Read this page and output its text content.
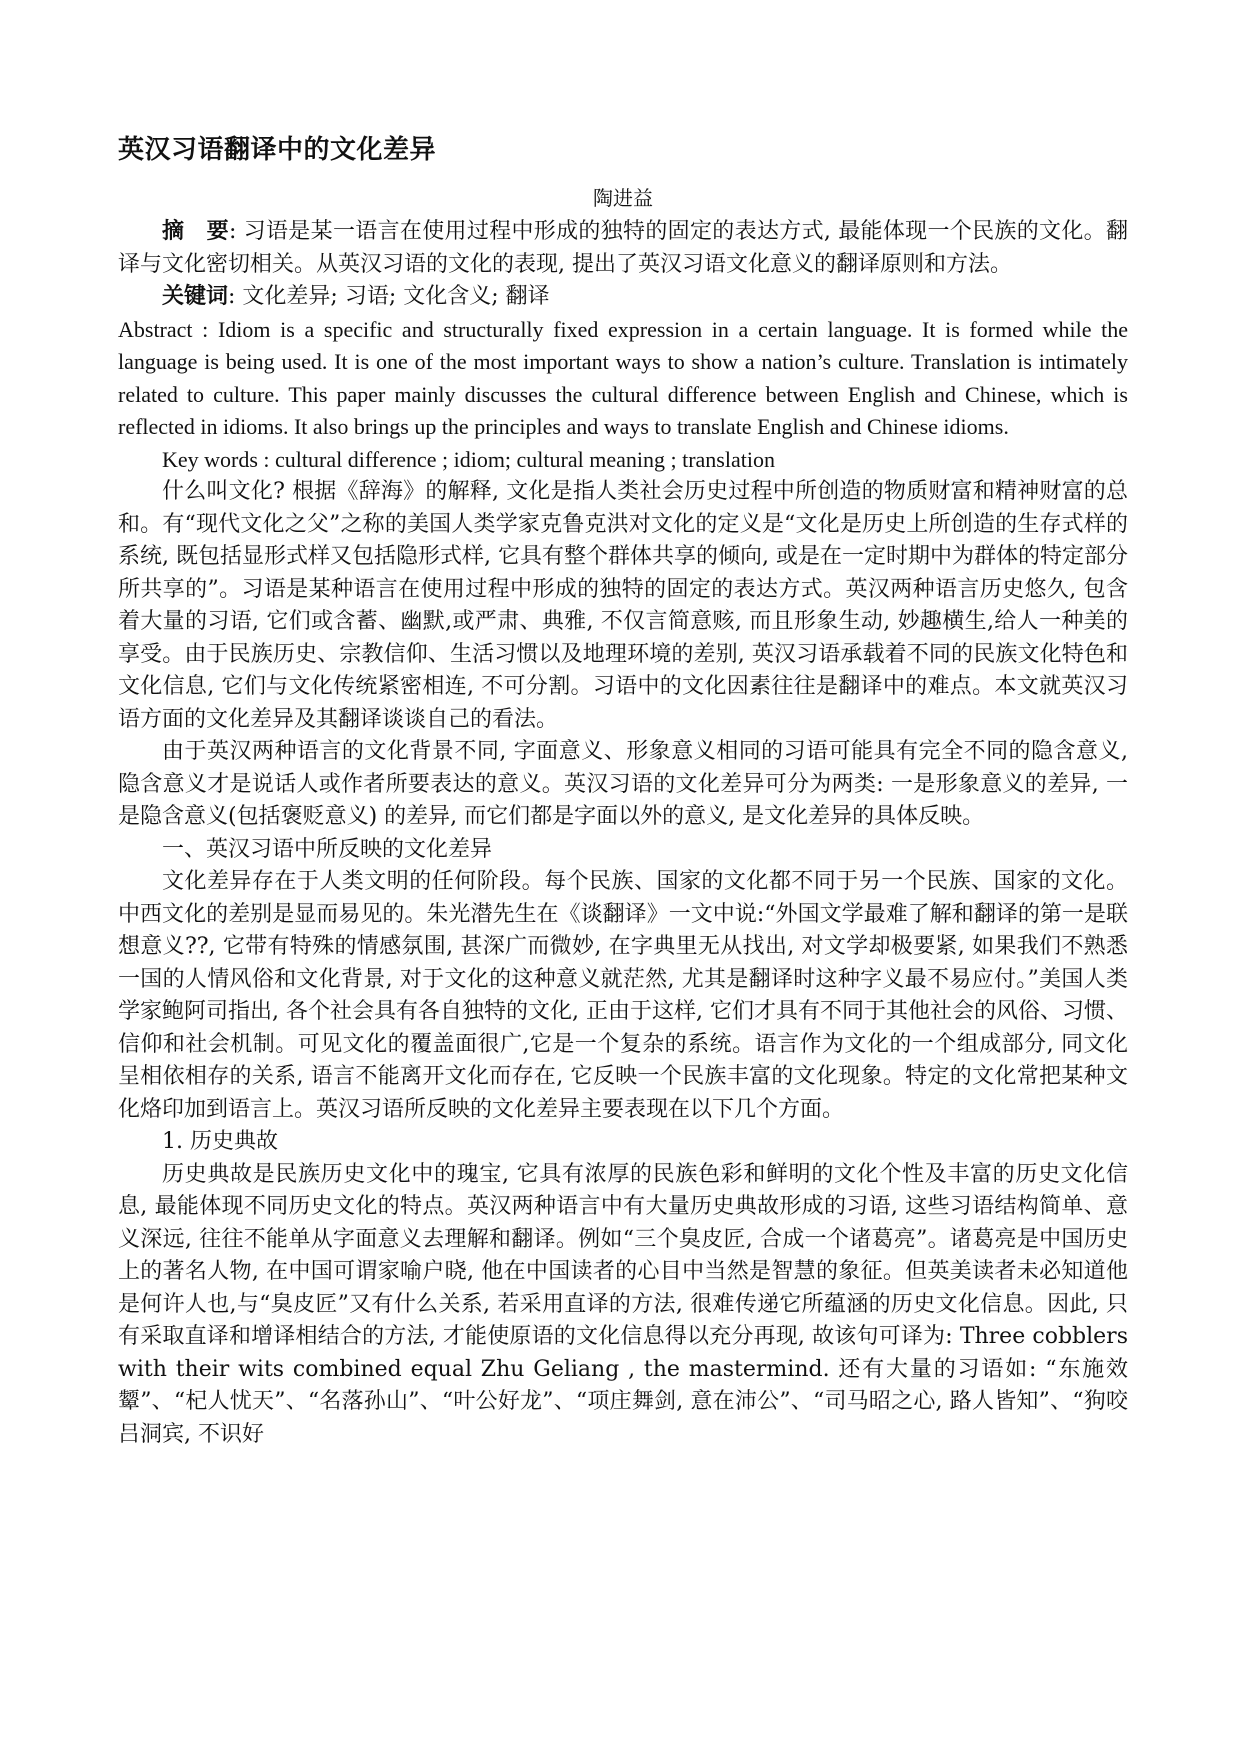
英汉习语翻译中的文化差异
陶进益

摘　要: 习语是某一语言在使用过程中形成的独特的固定的表达方式, 最能体现一个民族的文化。翻译与文化密切相关。从英汉习语的文化的表现, 提出了英汉习语文化意义的翻译原则和方法。

关键词: 文化差异; 习语; 文化含义; 翻译

Abstract : Idiom is a specific and structurally fixed expression in a certain language. It is formed while the language is being used. It is one of the most important ways to show a nation’s culture. Translation is intimately related to culture. This paper mainly discusses the cultural difference between English and Chinese, which is reflected in idioms. It also brings up the principles and ways to translate English and Chinese idioms.

Key words : cultural difference ; idiom; cultural meaning ; translation

什么叫文化? 根据《辞海》的解释, 文化是指人类社会历史过程中所创造的物质财富和精神财富的总和。有“现代文化之父”之称的美国人类学家克鲁克洪对文化的定义是“文化是历史上所创造的生存式样的系统, 既包括显形式样又包括隐形式样, 它具有整个群体共享的倾向, 或是在一定时期中为群体的特定部分所共享的”。习语是某种语言在使用过程中形成的独特的固定的表达方式。英汉两种语言历史悠久, 包含着大量的习语, 它们或含蓄、幽默,或严肃、典雅, 不仅言简意赅, 而且形象生动, 妙趣横生,给人一种美的享受。由于民族历史、宗教信仰、生活习惯以及地理环境的差别, 英汉习语承载着不同的民族文化特色和文化信息, 它们与文化传统紧密相连, 不可分割。习语中的文化因素往往是翻译中的难点。本文就英汉习语方面的文化差异及其翻译谈谈自己的看法。

由于英汉两种语言的文化背景不同, 字面意义、形象意义相同的习语可能具有完全不同的隐含意义, 隐含意义才是说话人或作者所要表达的意义。英汉习语的文化差异可分为两类: 一是形象意义的差异, 一是隐含意义(包括褒贬意义) 的差异, 而它们都是字面以外的意义, 是文化差异的具体反映。

一、英汉习语中所反映的文化差异

文化差异存在于人类文明的任何阶段。每个民族、国家的文化都不同于另一个民族、国家的文化。中西文化的差别是显而易见的。朱光潜先生在《谈翻译》一文中说:“外国文学最难了解和翻译的第一是联想意义??, 它带有特殊的情感氛围, 甚深广而微妙, 在字典里无从找出, 对文学却极要紧, 如果我们不熟悉一国的人情风俗和文化背景, 对于文化的这种意义就茫然, 尤其是翻译时这种字义最不易应付。”美国人类学家鲍阿司指出, 各个社会具有各自独特的文化, 正由于这样, 它们才具有不同于其他社会的风俗、习惯、信仰和社会机制。可见文化的覆盖面很广,它是一个复杂的系统。语言作为文化的一个组成部分, 同文化呈相依相存的关系, 语言不能离开文化而存在, 它反映一个民族丰富的文化现象。特定的文化常把某种文化烙印加到语言上。英汉习语所反映的文化差异主要表现在以下几个方面。

1. 历史典故

历史典故是民族历史文化中的瑰宝, 它具有浓厚的民族色彩和鲜明的文化个性及丰富的历史文化信息, 最能体现不同历史文化的特点。英汉两种语言中有大量历史典故形成的习语, 这些习语结构简单、意义深远, 往往不能单从字面意义去理解和翻译。例如“三个臭皮匠, 合成一个诸葛亮”。诸葛亮是中国历史上的著名人物, 在中国可谓家喻户晓, 他在中国读者的心目中当然是智慧的象征。但英美读者未必知道他是何许人也,与“臭皮匠”又有什么关系, 若采用直译的方法, 很难传递它所蕴涵的历史文化信息。因此, 只有采取直译和增译相结合的方法, 才能使原语的文化信息得以充分再现, 故该句可译为: Three cobblers with their wits combined equal Zhu Geliang , the mastermind. 还有大量的习语如: “东施效颦”、“杞人忧天”、“名落孙山”、“叶公好龙”、“项庄舞剑, 意在沛公”、“司马昭之心, 路人皆知”、“狗咬吕洞宾, 不识好
